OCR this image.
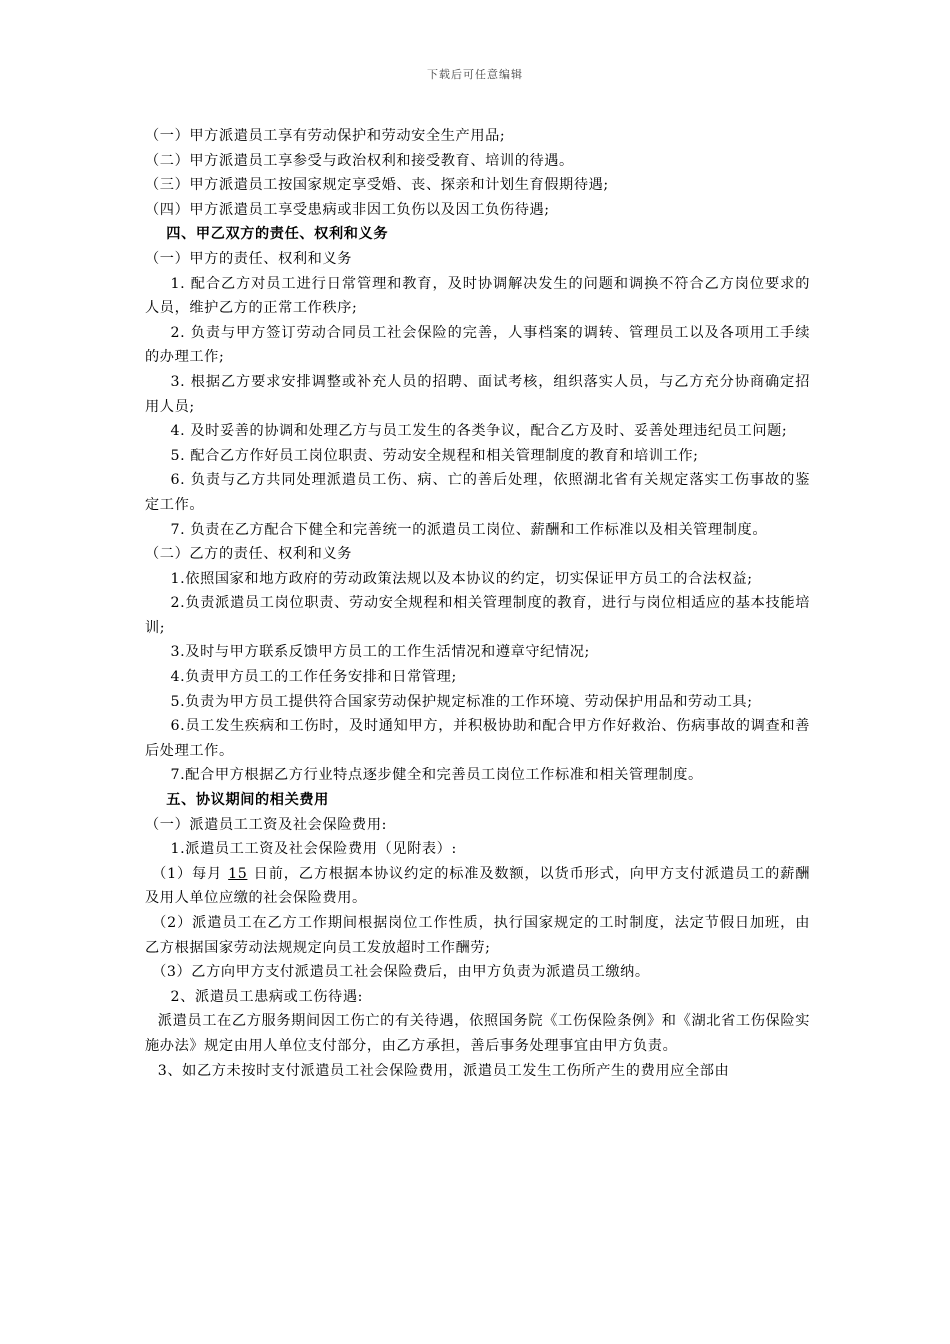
下载后可任意编辑

（一）甲方派遣员工享有劳动保护和劳动安全生产用品;

（二）甲方派遣员工享参受与政治权利和接受教育、培训的待遇。

（三）甲方派遣员工按国家规定享受婚、丧、探亲和计划生育假期待遇;

（四）甲方派遣员工享受患病或非因工负伤以及因工负伤待遇;

四、甲乙双方的责任、权利和义务

（一）甲方的责任、权利和义务

1. 配合乙方对员工进行日常管理和教育，及时协调解决发生的问题和调换不符合乙方岗位要求的人员，维护乙方的正常工作秩序;

2. 负责与甲方签订劳动合同员工社会保险的完善，人事档案的调转、管理员工以及各项用工手续的办理工作;

3. 根据乙方要求安排调整或补充人员的招聘、面试考核，组织落实人员，与乙方充分协商确定招用人员;

4. 及时妥善的协调和处理乙方与员工发生的各类争议，配合乙方及时、妥善处理违纪员工问题;

5. 配合乙方作好员工岗位职责、劳动安全规程和相关管理制度的教育和培训工作;

6. 负责与乙方共同处理派遣员工伤、病、亡的善后处理，依照湖北省有关规定落实工伤事故的鉴定工作。

7. 负责在乙方配合下健全和完善统一的派遣员工岗位、薪酬和工作标准以及相关管理制度。

（二）乙方的责任、权利和义务

1.依照国家和地方政府的劳动政策法规以及本协议的约定，切实保证甲方员工的合法权益;

2.负责派遣员工岗位职责、劳动安全规程和相关管理制度的教育，进行与岗位相适应的基本技能培训;

3.及时与甲方联系反馈甲方员工的工作生活情况和遵章守纪情况;

4.负责甲方员工的工作任务安排和日常管理;

5.负责为甲方员工提供符合国家劳动保护规定标准的工作环境、劳动保护用品和劳动工具;

6.员工发生疾病和工伤时，及时通知甲方，并积极协助和配合甲方作好救治、伤病事故的调查和善后处理工作。

7.配合甲方根据乙方行业特点逐步健全和完善员工岗位工作标准和相关管理制度。

五、协议期间的相关费用

（一）派遣员工工资及社会保险费用:

1.派遣员工工资及社会保险费用（见附表）:

（1）每月 15 日前，乙方根据本协议约定的标准及数额，以货币形式，向甲方支付派遣员工的薪酬及用人单位应缴的社会保险费用。

（2）派遣员工在乙方工作期间根据岗位工作性质，执行国家规定的工时制度，法定节假日加班，由乙方根据国家劳动法规规定向员工发放超时工作酬劳;

（3）乙方向甲方支付派遣员工社会保险费后，由甲方负责为派遣员工缴纳。

2、派遣员工患病或工伤待遇:

派遣员工在乙方服务期间因工伤亡的有关待遇，依照国务院《工伤保险条例》和《湖北省工伤保险实施办法》规定由用人单位支付部分，由乙方承担，善后事务处理事宜由甲方负责。

3、如乙方未按时支付派遣员工社会保险费用，派遣员工发生工伤所产生的费用应全部由
